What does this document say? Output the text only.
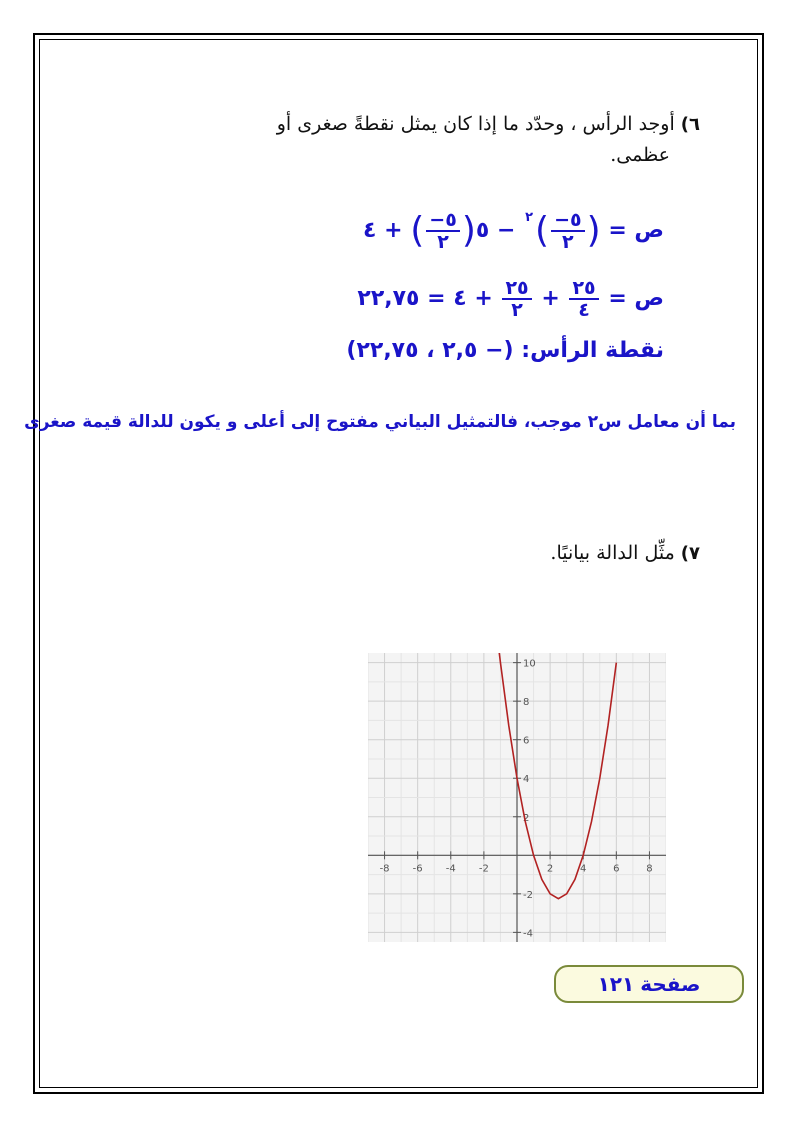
٦)أوجد الرأس ، وحدّد ما إذا كان يمثل نقطةً صغرى أو
عظمى.
ص = (
$\frac{٥-}{٢}$
)$^٢$ − ٥(
$\frac{٥-}{٢}$
) + ٤
ص =
$\frac{٢٥}{٤}$
+
$\frac{٢٥}{٢}$
+ ٤ = ٢٢,٧٥
نقطة الرأس: (− ٢,٥ ، ٢٢,٧٥)
بما أن معامل س٢ موجب، فالتمثيل البياني مفتوح إلى أعلى و يكون للدالة قيمة صغرى
٧)مثِّل الدالة بيانيًا.
-8 -6 -4 -2	2	4	6	8
10
8
6
4
2
-2
-4
صفحة
١٢١
